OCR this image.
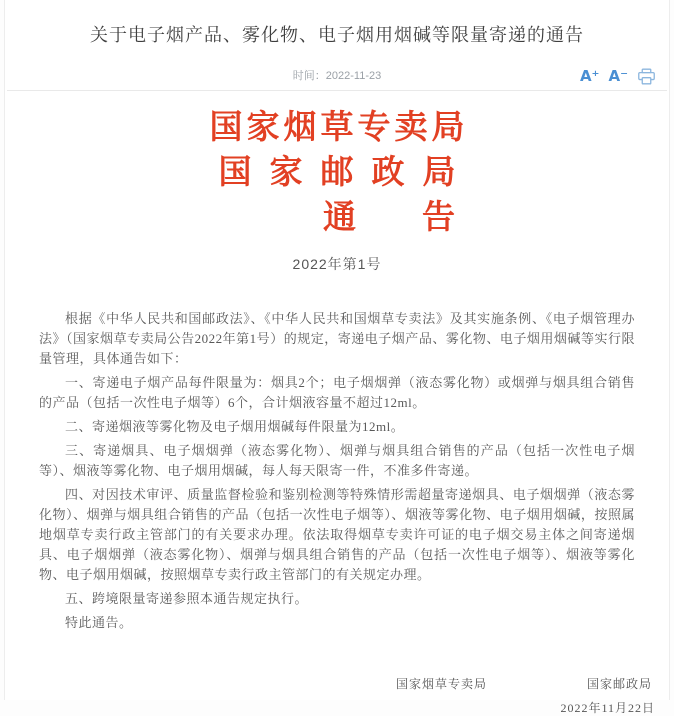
关于电子烟产品、雾化物、电子烟用烟碱等限量寄递的通告
时间：2022-11-23	A⁺ A⁻
国家烟草专卖局
国家邮政局
通告
2022年第1号

根据《中华人民共和国邮政法》、《中华人民共和国烟草专卖法》及其实施条例、《电子烟管理办法》（国家烟草专卖局公告2022年第1号）的规定，寄递电子烟产品、雾化物、电子烟用烟碱等实行限量管理，具体通告如下：

一、寄递电子烟产品每件限量为：烟具2个；电子烟烟弹（液态雾化物）或烟弹与烟具组合销售的产品（包括一次性电子烟等）6个，合计烟液容量不超过12ml。

二、寄递烟液等雾化物及电子烟用烟碱每件限量为12ml。

三、寄递烟具、电子烟烟弹（液态雾化物）、烟弹与烟具组合销售的产品（包括一次性电子烟等）、烟液等雾化物、电子烟用烟碱，每人每天限寄一件，不准多件寄递。

四、对因技术审评、质量监督检验和鉴别检测等特殊情形需超量寄递烟具、电子烟烟弹（液态雾化物）、烟弹与烟具组合销售的产品（包括一次性电子烟等）、烟液等雾化物、电子烟用烟碱，按照属地烟草专卖行政主管部门的有关要求办理。依法取得烟草专卖许可证的电子烟交易主体之间寄递烟具、电子烟烟弹（液态雾化物）、烟弹与烟具组合销售的产品（包括一次性电子烟等）、烟液等雾化物、电子烟用烟碱，按照烟草专卖行政主管部门的有关规定办理。

五、跨境限量寄递参照本通告规定执行。

特此通告。

国家烟草专卖局	国家邮政局
2022年11月22日
